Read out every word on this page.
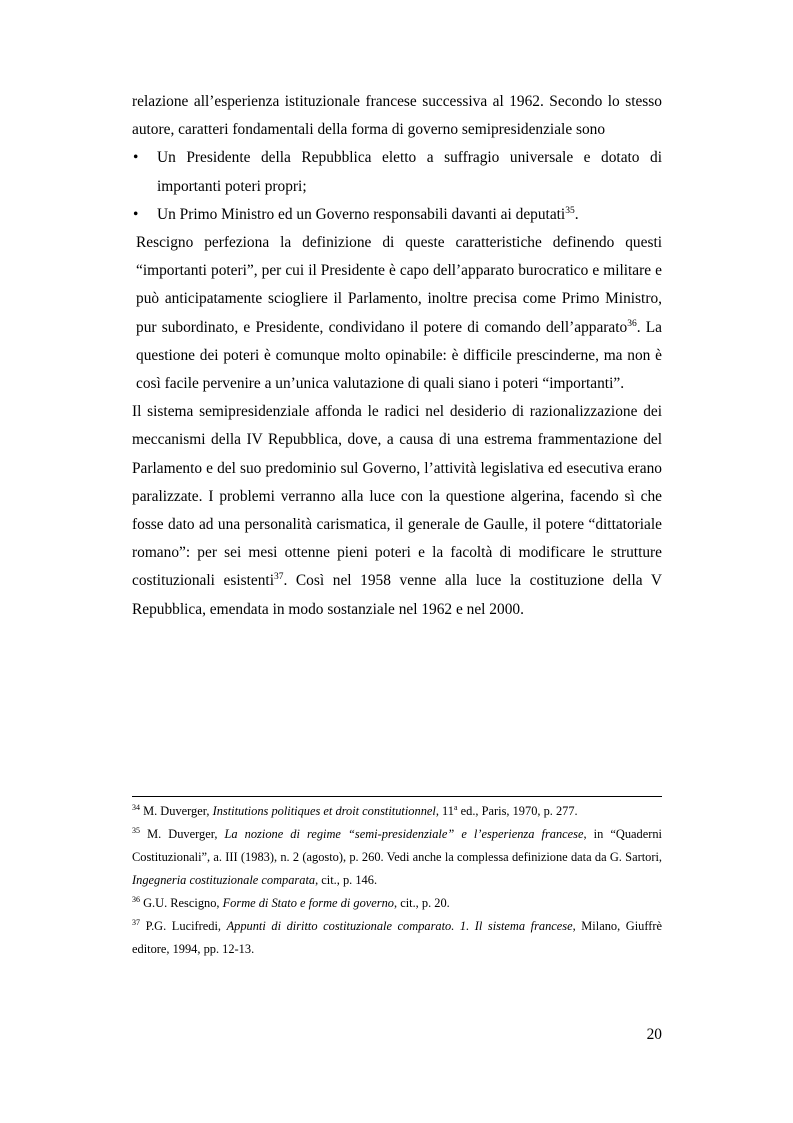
relazione all’esperienza istituzionale francese successiva al 1962. Secondo lo stesso autore, caratteri fondamentali della forma di governo semipresidenziale sono

• Un Presidente della Repubblica eletto a suffragio universale e dotato di importanti poteri propri;
• Un Primo Ministro ed un Governo responsabili davanti ai deputati$^{35}$.

Rescigno perfeziona la definizione di queste caratteristiche definendo questi “importanti poteri”, per cui il Presidente è capo dell’apparato burocratico e militare e può anticipatamente sciogliere il Parlamento, inoltre precisa come Primo Ministro, pur subordinato, e Presidente, condividano il potere di comando dell’apparato$^{36}$. La questione dei poteri è comunque molto opinabile: è difficile prescinderne, ma non è così facile pervenire a un’unica valutazione di quali siano i poteri “importanti”.

Il sistema semipresidenziale affonda le radici nel desiderio di razionalizzazione dei meccanismi della IV Repubblica, dove, a causa di una estrema frammentazione del Parlamento e del suo predominio sul Governo, l’attività legislativa ed esecutiva erano paralizzate. I problemi verranno alla luce con la questione algerina, facendo sì che fosse dato ad una personalità carismatica, il generale de Gaulle, il potere “dittatoriale romano”: per sei mesi ottenne pieni poteri e la facoltà di modificare le strutture costituzionali esistenti$^{37}$. Così nel 1958 venne alla luce la costituzione della V Repubblica, emendata in modo sostanziale nel 1962 e nel 2000.

$^{34}$ M. Duverger, Institutions politiques et droit constitutionnel, 11$^a$ ed., Paris, 1970, p. 277.

$^{35}$ M. Duverger, La nozione di regime “semi-presidenziale” e l’esperienza francese, in “Quaderni Costituzionali”, a. III (1983), n. 2 (agosto), p. 260. Vedi anche la complessa definizione data da G. Sartori, Ingegneria costituzionale comparata, cit., p. 146.

$^{36}$ G.U. Rescigno, Forme di Stato e forme di governo, cit., p. 20.

$^{37}$ P.G. Lucifredi, Appunti di diritto costituzionale comparato. 1. Il sistema francese, Milano, Giuffrè editore, 1994, pp. 12-13.

20
